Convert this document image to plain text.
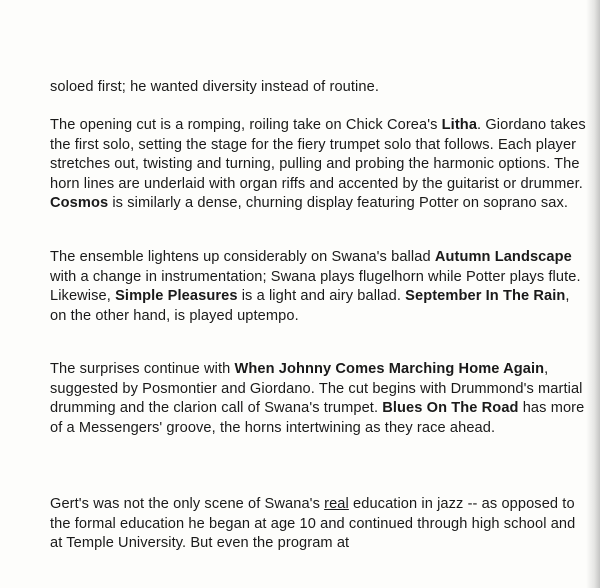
soloed first; he wanted diversity instead of routine.

The opening cut is a romping, roiling take on Chick Corea's Litha. Giordano takes the first solo, setting the stage for the fiery trumpet solo that follows. Each player stretches out, twisting and turning, pulling and probing the harmonic options. The horn lines are underlaid with organ riffs and accented by the guitarist or drummer. Cosmos is similarly a dense, churning display featuring Potter on soprano sax.

The ensemble lightens up considerably on Swana's ballad Autumn Landscape with a change in instrumentation; Swana plays flugelhorn while Potter plays flute. Likewise, Simple Pleasures is a light and airy ballad. September In The Rain, on the other hand, is played uptempo.

The surprises continue with When Johnny Comes Marching Home Again, suggested by Posmontier and Giordano. The cut begins with Drummond's martial drumming and the clarion call of Swana's trumpet. Blues On The Road has more of a Messengers' groove, the horns intertwining as they race ahead.

Gert's was not the only scene of Swana's real education in jazz -- as opposed to the formal education he began at age 10 and continued through high school and at Temple University. But even the program at
